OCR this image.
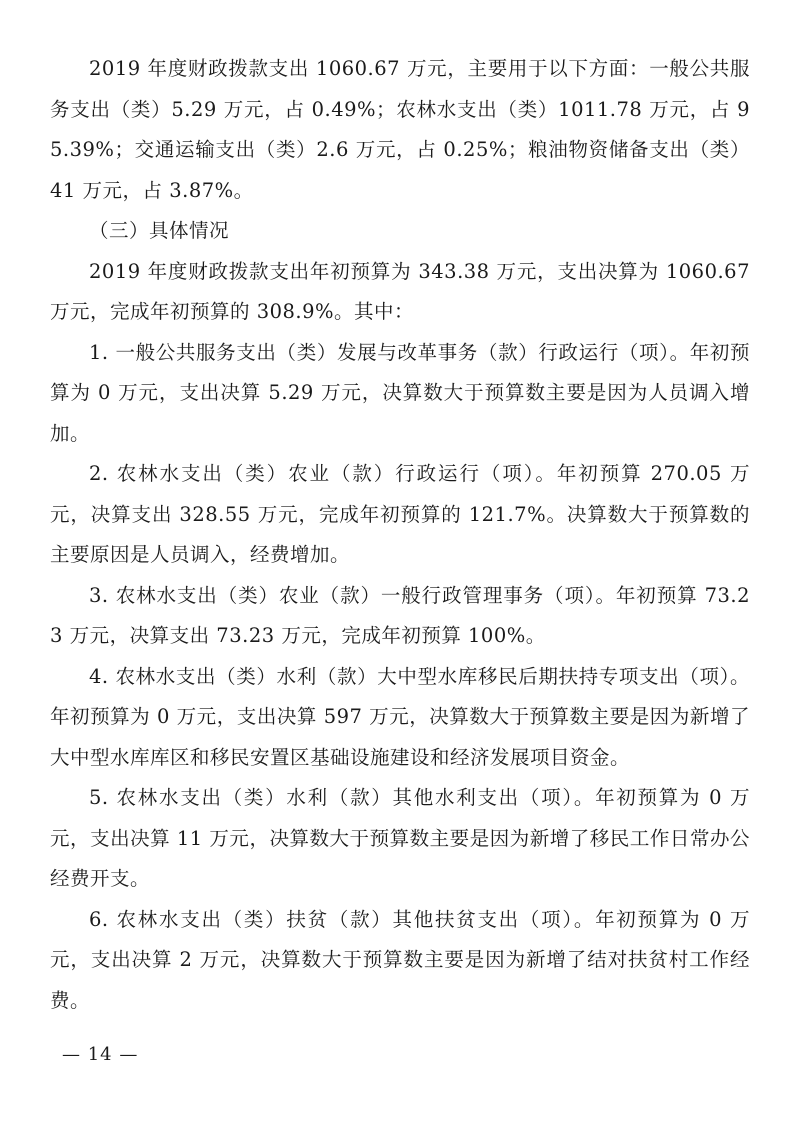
2019 年度财政拨款支出 1060.67 万元，主要用于以下方面：一般公共服务支出（类）5.29 万元，占 0.49%；农林水支出（类）1011.78 万元，占 95.39%；交通运输支出（类）2.6 万元，占 0.25%；粮油物资储备支出（类）41 万元，占 3.87%。

（三）具体情况

2019 年度财政拨款支出年初预算为 343.38 万元，支出决算为 1060.67 万元，完成年初预算的 308.9%。其中：

1. 一般公共服务支出（类）发展与改革事务（款）行政运行（项）。年初预算为 0 万元，支出决算 5.29 万元，决算数大于预算数主要是因为人员调入增加。

2. 农林水支出（类）农业（款）行政运行（项）。年初预算 270.05 万元，决算支出 328.55 万元，完成年初预算的 121.7%。决算数大于预算数的主要原因是人员调入，经费增加。

3. 农林水支出（类）农业（款）一般行政管理事务（项）。年初预算 73.23 万元，决算支出 73.23 万元，完成年初预算 100%。

4. 农林水支出（类）水利（款）大中型水库移民后期扶持专项支出（项）。年初预算为 0 万元，支出决算 597 万元，决算数大于预算数主要是因为新增了大中型水库库区和移民安置区基础设施建设和经济发展项目资金。

5. 农林水支出（类）水利（款）其他水利支出（项）。年初预算为 0 万元，支出决算 11 万元，决算数大于预算数主要是因为新增了移民工作日常办公经费开支。

6. 农林水支出（类）扶贫（款）其他扶贫支出（项）。年初预算为 0 万元，支出决算 2 万元，决算数大于预算数主要是因为新增了结对扶贫村工作经费。

— 14 —
